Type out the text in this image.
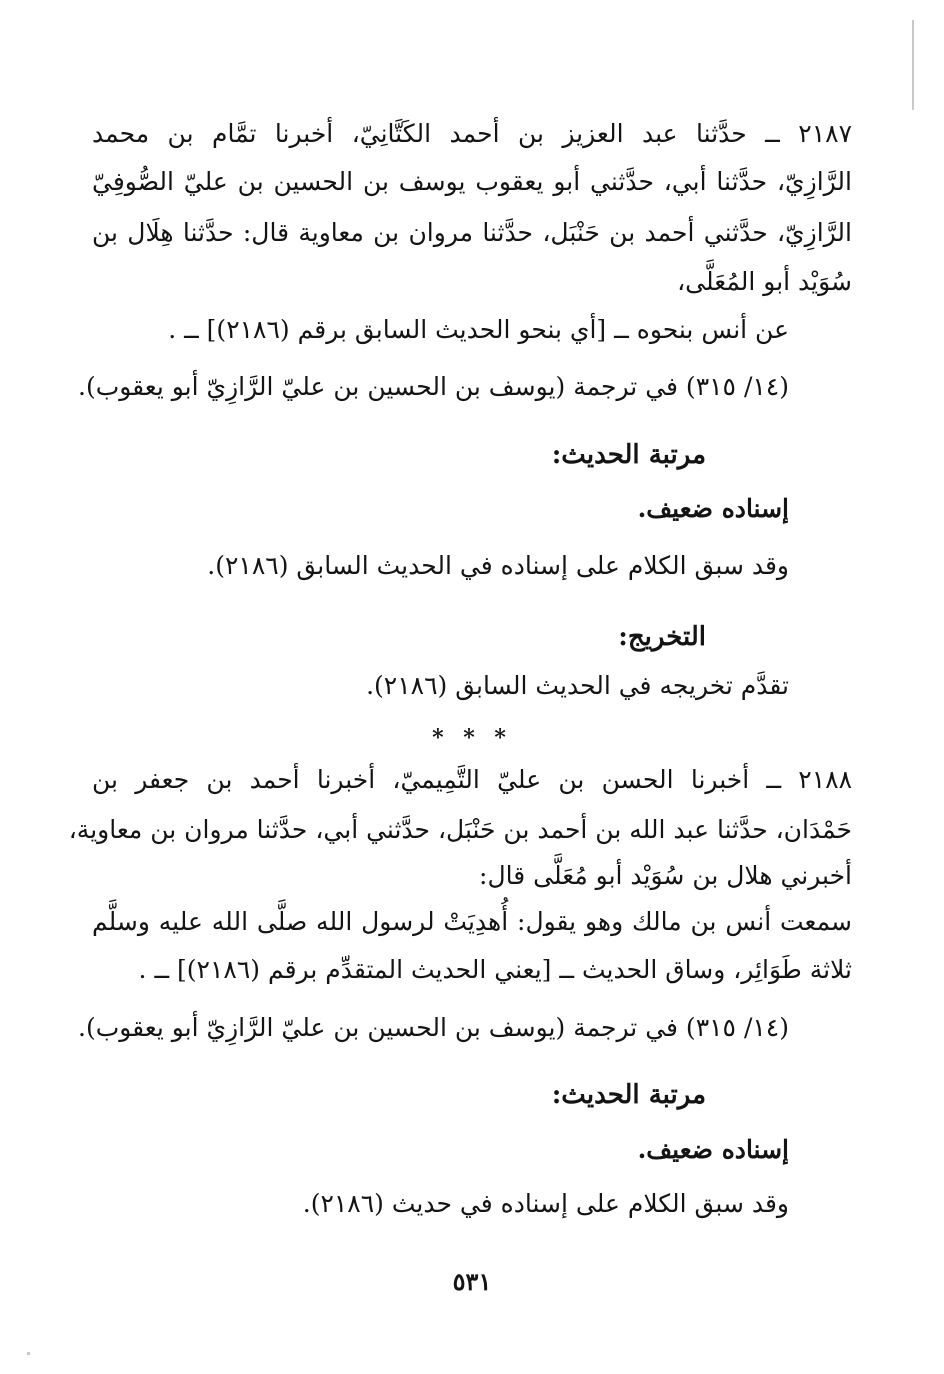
٢١٨٧ ــ حدَّثنا عبد العزيز بن أحمد الكَتَّانِيّ، أخبرنا تمَّام بن محمد
الرَّازِيّ، حدَّثنا أبي، حدَّثني أبو يعقوب يوسف بن الحسين بن عليّ الصُّوفِيّ
الرَّازِيّ، حدَّثني أحمد بن حَنْبَل، حدَّثنا مروان بن معاوية قال: حدَّثنا هِلَال بن
سُوَيْد أبو المُعَلَّى،
عن أنس بنحوه ــ [أي بنحو الحديث السابق برقم (٢١٨٦)] ــ .
(١٤/ ٣١٥) في ترجمة (يوسف بن الحسين بن عليّ الرَّازِيّ أبو يعقوب).
مرتبة الحديث:
إسناده ضعيف.
وقد سبق الكلام على إسناده في الحديث السابق (٢١٨٦).
التخريج:
تقدَّم تخريجه في الحديث السابق (٢١٨٦).
* * *
٢١٨٨ ــ أخبرنا الحسن بن عليّ التَّمِيميّ، أخبرنا أحمد بن جعفر بن
حَمْدَان، حدَّثنا عبد الله بن أحمد بن حَنْبَل، حدَّثني أبي، حدَّثنا مروان بن معاوية،
أخبرني هلال بن سُوَيْد أبو مُعَلَّى قال:
سمعت أنس بن مالك وهو يقول: أُهدِيَتْ لرسول الله صلَّى الله عليه وسلَّم
ثلاثة طَوَائِر، وساق الحديث ــ [يعني الحديث المتقدِّم برقم (٢١٨٦)] ــ .
(١٤/ ٣١٥) في ترجمة (يوسف بن الحسين بن عليّ الرَّازِيّ أبو يعقوب).
مرتبة الحديث:
إسناده ضعيف.
وقد سبق الكلام على إسناده في حديث (٢١٨٦).
٥٣١
